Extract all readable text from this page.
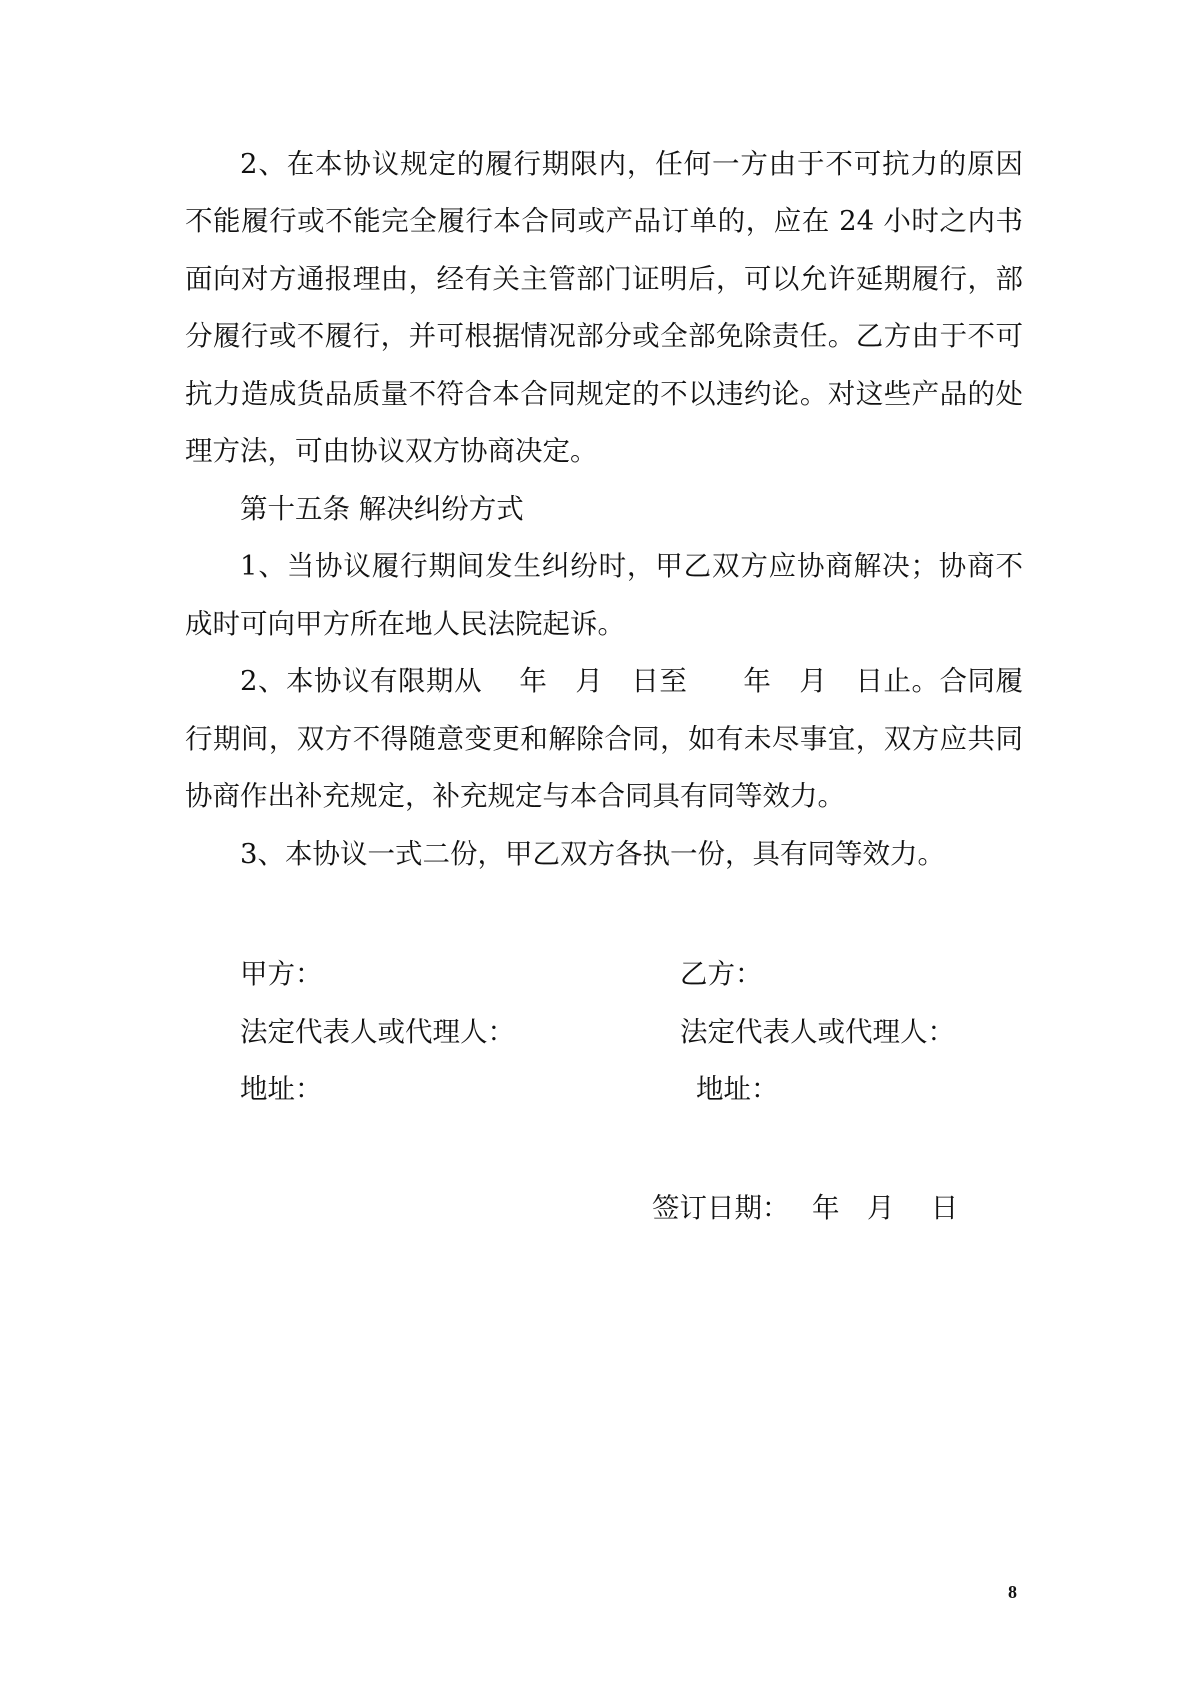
2、在本协议规定的履行期限内，任何一方由于不可抗力的原因
不能履行或不能完全履行本合同或产品订单的，应在 24 小时之内书
面向对方通报理由，经有关主管部门证明后，可以允许延期履行，部
分履行或不履行，并可根据情况部分或全部免除责任。乙方由于不可
抗力造成货品质量不符合本合同规定的不以违约论。对这些产品的处
理方法，可由协议双方协商决定。
第十五条 解决纠纷方式
1、当协议履行期间发生纠纷时，甲乙双方应协商解决；协商不
成时可向甲方所在地人民法院起诉。
2、本协议有限期从　 年　月　日至　　年　月　日止。合同履
行期间，双方不得随意变更和解除合同，如有未尽事宜，双方应共同
协商作出补充规定，补充规定与本合同具有同等效力。
3、本协议一式二份，甲乙双方各执一份，具有同等效力。
甲方：
法定代表人或代理人：
地址：
乙方：
法定代表人或代理人：
地址：
签订日期：　 年　月　 日
8
